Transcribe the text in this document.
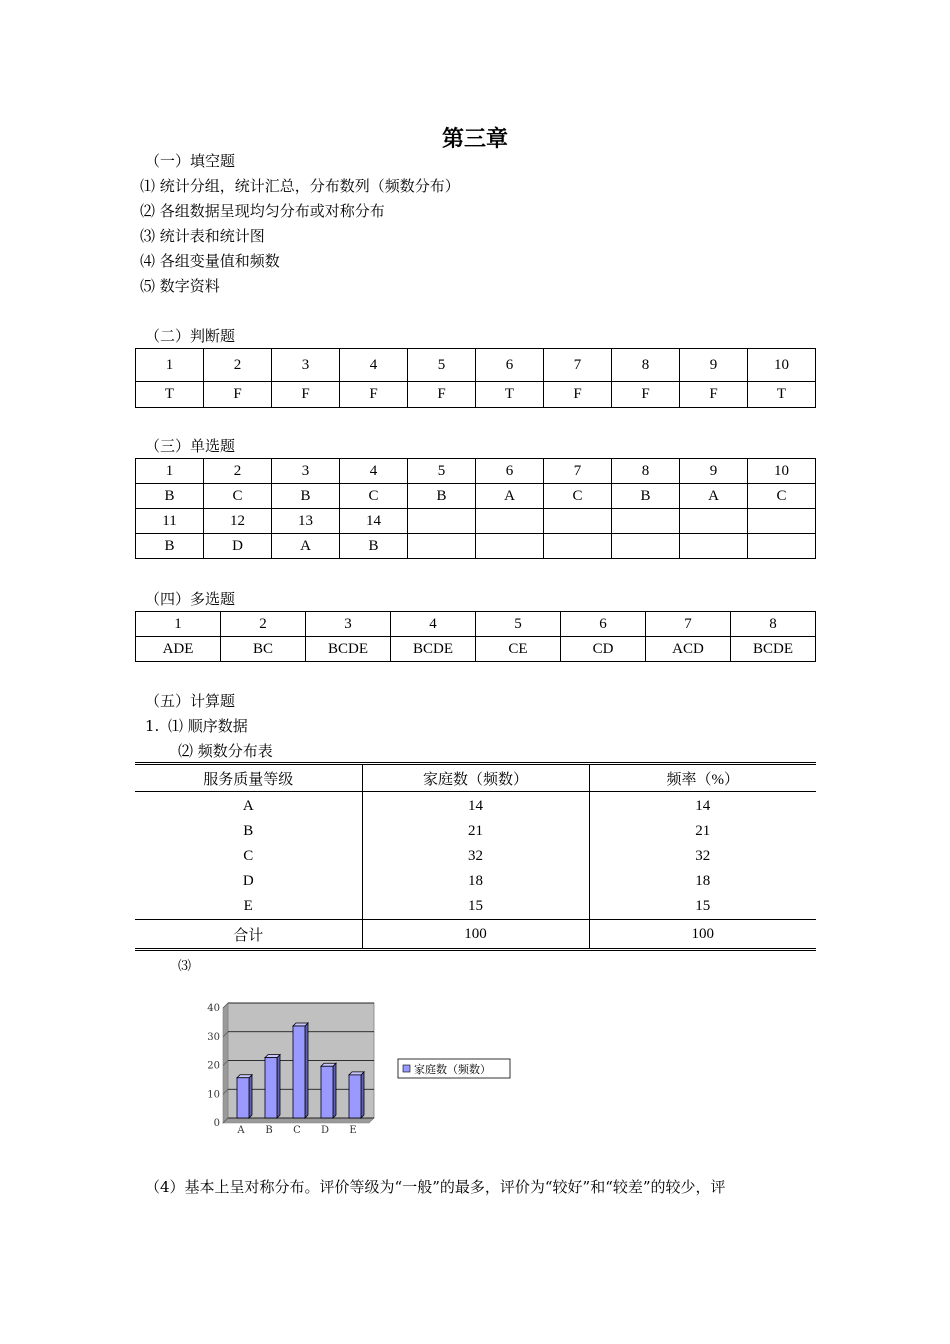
第三章
（一）填空题
⑴ 统计分组，统计汇总，分布数列（频数分布）
⑵ 各组数据呈现均匀分布或对称分布
⑶ 统计表和统计图
⑷ 各组变量值和频数
⑸ 数字资料
（二）判断题
1	2	3	4	5	6	7	8	9	10
T	F	F	F	F	T	F	F	F	T
（三）单选题
1	2	3	4	5	6	7	8	9	10
B	C	B	C	B	A	C	B	A	C
11	12	13	14						
B	D	A	B						
（四）多选题
1	2	3	4	5	6	7	8
ADE	BC	BCDE	BCDE	CE	CD	ACD	BCDE
（五）计算题
1. ⑴ 顺序数据
⑵ 频数分布表
服务质量等级	家庭数（频数）	频率（%）
A	14	14
B	21	21
C	32	32
D	18	18
E	15	15
合计	100	100
⑶
0
10
20
30
40
A B C D E
家庭数（频数）
（4）基本上呈对称分布。评价等级为“一般”的最多，评价为“较好”和“较差”的较少，评
